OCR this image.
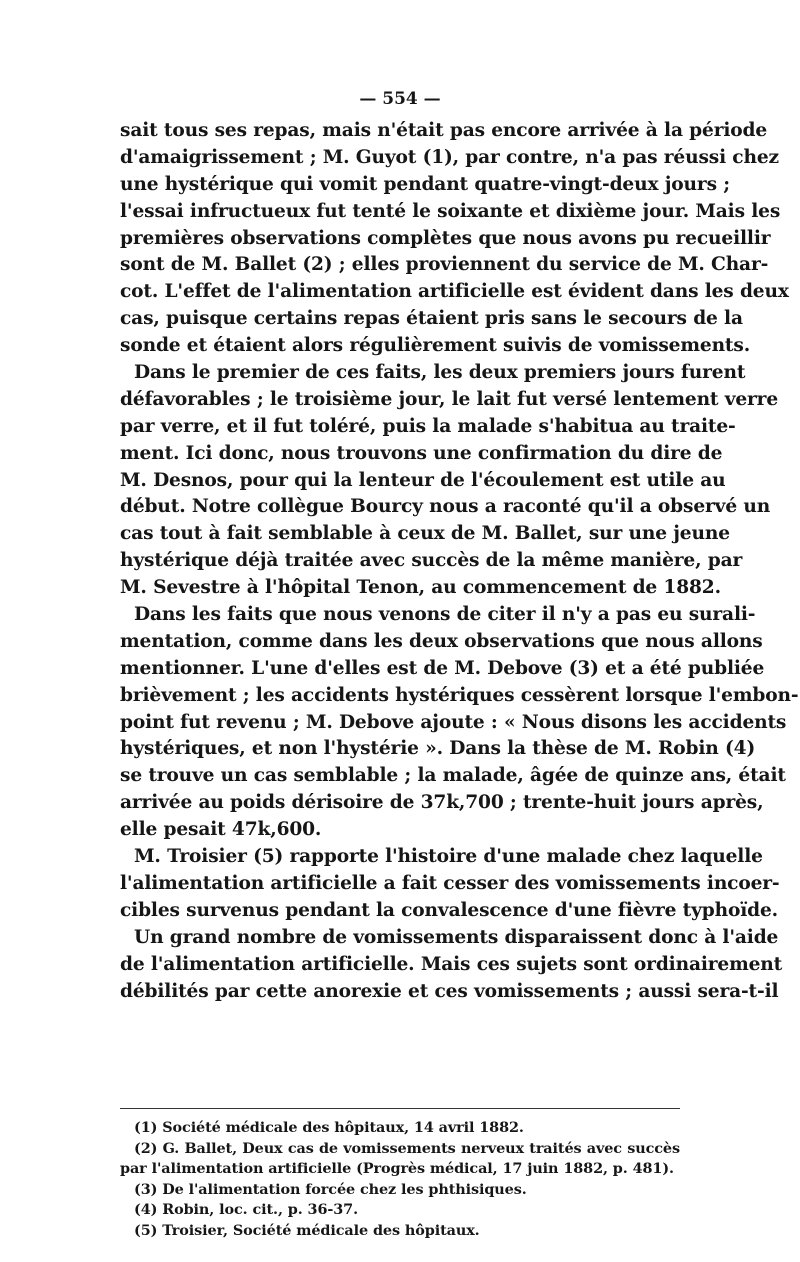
— 554 —
sait tous ses repas, mais n'était pas encore arrivée à la période
d'amaigrissement ; M. Guyot (1), par contre, n'a pas réussi chez
une hystérique qui vomit pendant quatre-vingt-deux jours ;
l'essai infructueux fut tenté le soixante et dixième jour. Mais les
premières observations complètes que nous avons pu recueillir
sont de M. Ballet (2) ; elles proviennent du service de M. Char-
cot. L'effet de l'alimentation artificielle est évident dans les deux
cas, puisque certains repas étaient pris sans le secours de la
sonde et étaient alors régulièrement suivis de vomissements.
Dans le premier de ces faits, les deux premiers jours furent
défavorables ; le troisième jour, le lait fut versé lentement verre
par verre, et il fut toléré, puis la malade s'habitua au traite-
ment. Ici donc, nous trouvons une confirmation du dire de
M. Desnos, pour qui la lenteur de l'écoulement est utile au
début. Notre collègue Bourcy nous a raconté qu'il a observé un
cas tout à fait semblable à ceux de M. Ballet, sur une jeune
hystérique déjà traitée avec succès de la même manière, par
M. Sevestre à l'hôpital Tenon, au commencement de 1882.
Dans les faits que nous venons de citer il n'y a pas eu surali-
mentation, comme dans les deux observations que nous allons
mentionner. L'une d'elles est de M. Debove (3) et a été publiée
brièvement ; les accidents hystériques cessèrent lorsque l'embon-
point fut revenu ; M. Debove ajoute : « Nous disons les accidents
hystériques, et non l'hystérie ». Dans la thèse de M. Robin (4)
se trouve un cas semblable ; la malade, âgée de quinze ans, était
arrivée au poids dérisoire de 37k,700 ; trente-huit jours après,
elle pesait 47k,600.
M. Troisier (5) rapporte l'histoire d'une malade chez laquelle
l'alimentation artificielle a fait cesser des vomissements incoer-
cibles survenus pendant la convalescence d'une fièvre typhoïde.
Un grand nombre de vomissements disparaissent donc à l'aide
de l'alimentation artificielle. Mais ces sujets sont ordinairement
débilités par cette anorexie et ces vomissements ; aussi sera-t-il
(1) Société médicale des hôpitaux, 14 avril 1882.
(2) G. Ballet, Deux cas de vomissements nerveux traités avec succès
par l'alimentation artificielle (Progrès médical, 17 juin 1882, p. 481).
(3) De l'alimentation forcée chez les phthisiques.
(4) Robin, loc. cit., p. 36-37.
(5) Troisier, Société médicale des hôpitaux.
